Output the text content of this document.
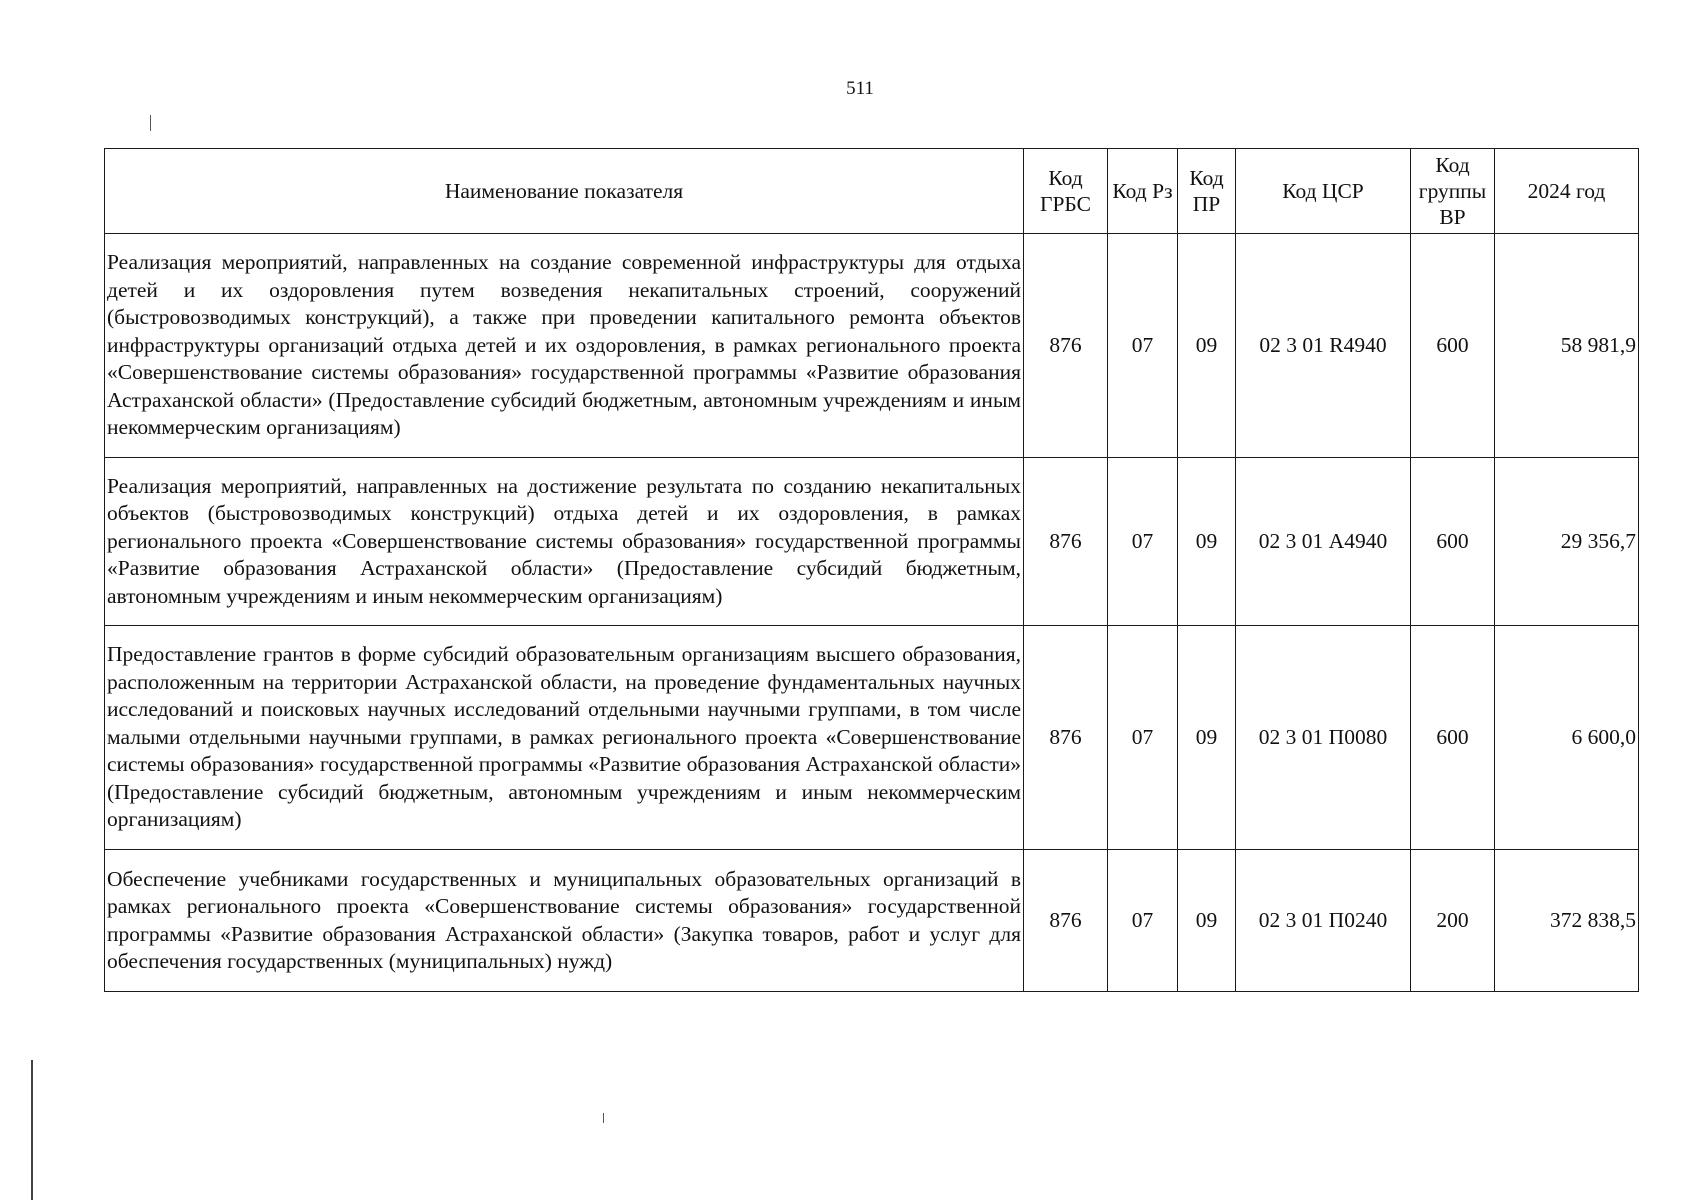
511
Наименование показателя	Код ГРБС	Код Рз	Код ПР	Код ЦСР	Код группы ВР	2024 год
Реализация мероприятий, направленных на создание современной инфраструктуры для отдыха детей и их оздоровления путем возведения некапитальных строений, сооружений (быстровозводимых конструкций), а также при проведении капитального ремонта объектов инфраструктуры организаций отдыха детей и их оздоровления, в рамках регионального проекта «Совершенствование системы образования» государственной программы «Развитие образования Астраханской области» (Предоставление субсидий бюджетным, автономным учреждениям и иным некоммерческим организациям)	876	07	09	02 3 01 R4940	600	58 981,9
Реализация мероприятий, направленных на достижение результата по созданию некапитальных объектов (быстровозводимых конструкций) отдыха детей и их оздоровления, в рамках регионального проекта «Совершенствование системы образования» государственной программы «Развитие образования Астраханской области» (Предоставление субсидий бюджетным, автономным учреждениям и иным некоммерческим организациям)	876	07	09	02 3 01 А4940	600	29 356,7
Предоставление грантов в форме субсидий образовательным организациям высшего образования, расположенным на территории Астраханской области, на проведение фундаментальных научных исследований и поисковых научных исследований отдельными научными группами, в том числе малыми отдельными научными группами, в рамках регионального проекта «Совершенствование системы образования» государственной программы «Развитие образования Астраханской области» (Предоставление субсидий бюджетным, автономным учреждениям и иным некоммерческим организациям)	876	07	09	02 3 01 П0080	600	6 600,0
Обеспечение учебниками государственных и муниципальных образовательных организаций в рамках регионального проекта «Совершенствование системы образования» государственной программы «Развитие образования Астраханской области» (Закупка товаров, работ и услуг для обеспечения государственных (муниципальных) нужд)	876	07	09	02 3 01 П0240	200	372 838,5
